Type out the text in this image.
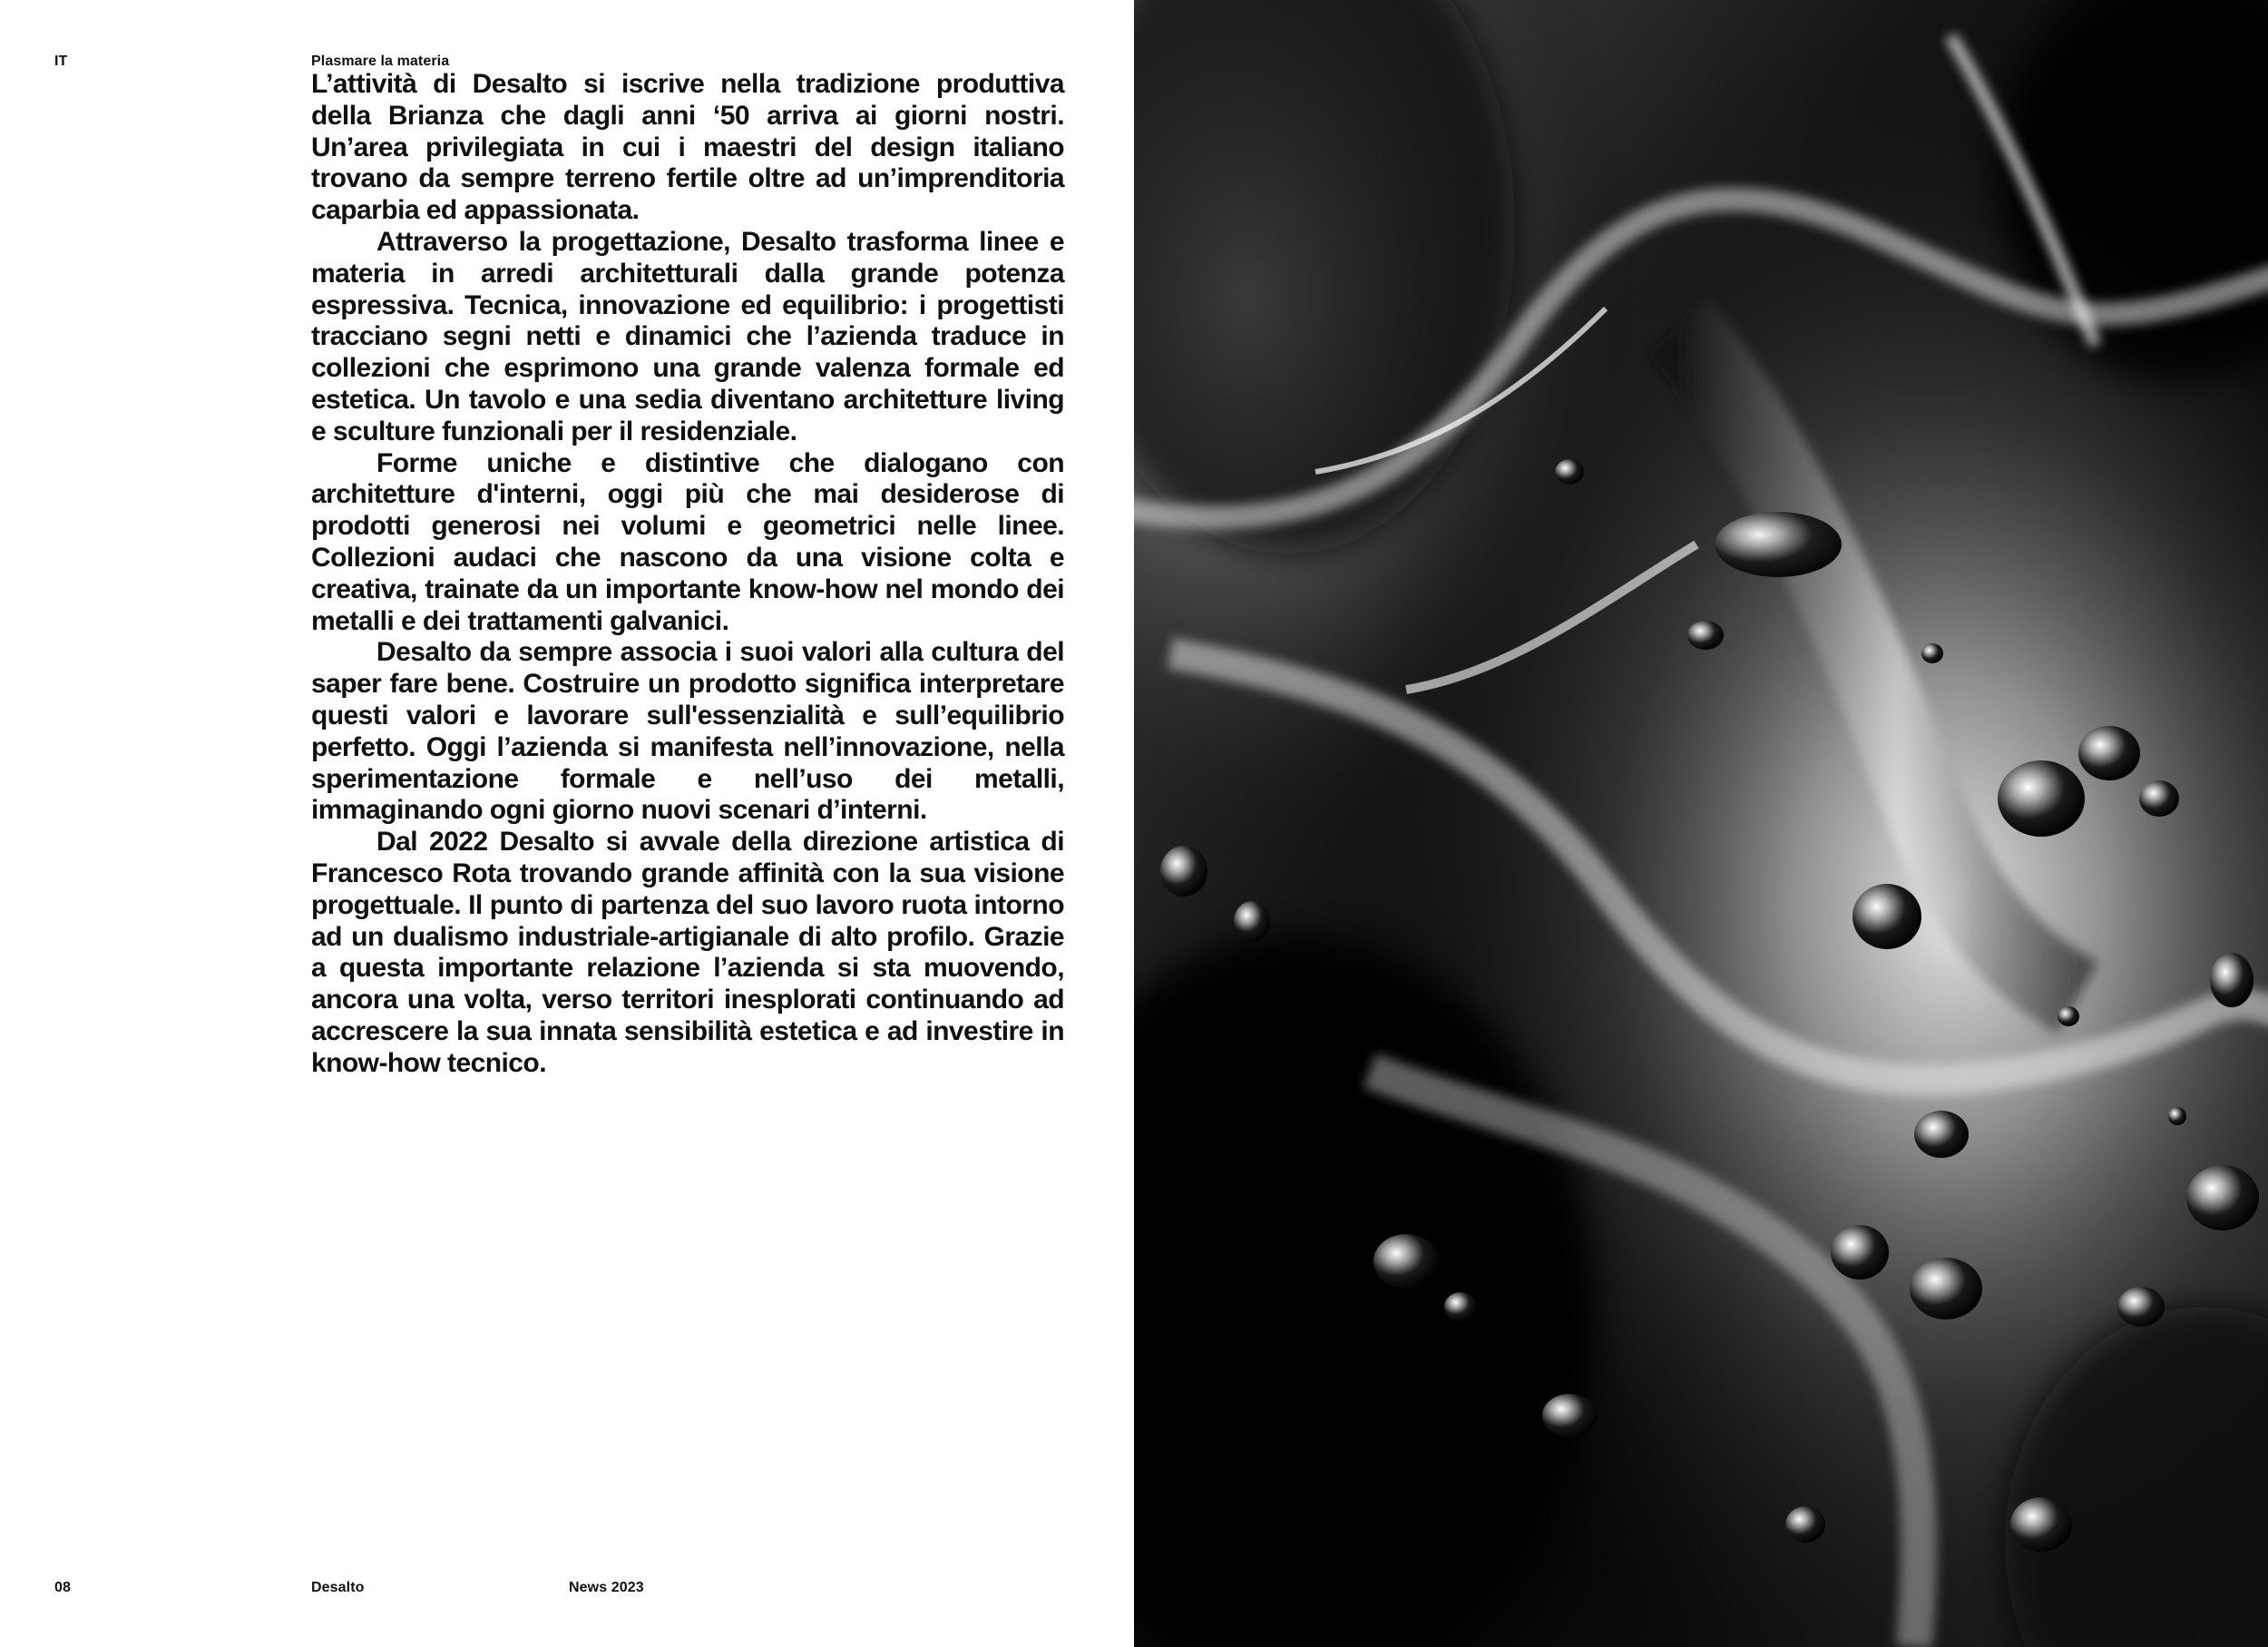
IT	Plasmare la materia

L’attività di Desalto si iscrive nella tradizione produttiva della Brianza che dagli anni ‘50 arriva ai giorni nostri. Un’area privilegiata in cui i maestri del design italiano trovano da sempre terreno fertile oltre ad un’imprenditoria caparbia ed appassionata.

Attraverso la progettazione, Desalto trasforma linee e materia in arredi architetturali dalla grande potenza espressiva. Tecnica, innovazione ed equilibrio: i progettisti tracciano segni netti e dinamici che l’azienda traduce in collezioni che esprimono una grande valenza formale ed estetica. Un tavolo e una sedia diventano architetture living e sculture funzionali per il residenziale.

Forme uniche e distintive che dialogano con architetture d'interni, oggi più che mai desiderose di prodotti generosi nei volumi e geometrici nelle linee. Collezioni audaci che nascono da una visione colta e creativa, trainate da un importante know-how nel mondo dei metalli e dei trattamenti galvanici.

Desalto da sempre associa i suoi valori alla cultura del saper fare bene. Costruire un prodotto significa interpretare questi valori e lavorare sull'essenzialità e sull’equilibrio perfetto. Oggi l’azienda si manifesta nell’innovazione, nella sperimentazione formale e nell’uso dei metalli, immaginando ogni giorno nuovi scenari d’interni.

Dal 2022 Desalto si avvale della direzione artistica di Francesco Rota trovando grande affinità con la sua visione progettuale. Il punto di partenza del suo lavoro ruota intorno ad un dualismo industriale-artigianale di alto profilo. Grazie a questa importante relazione l’azienda si sta muovendo, ancora una volta, verso territori inesplorati continuando ad accrescere la sua innata sensibilità estetica e ad investire in know-how tecnico.

08	Desalto	News 2023
